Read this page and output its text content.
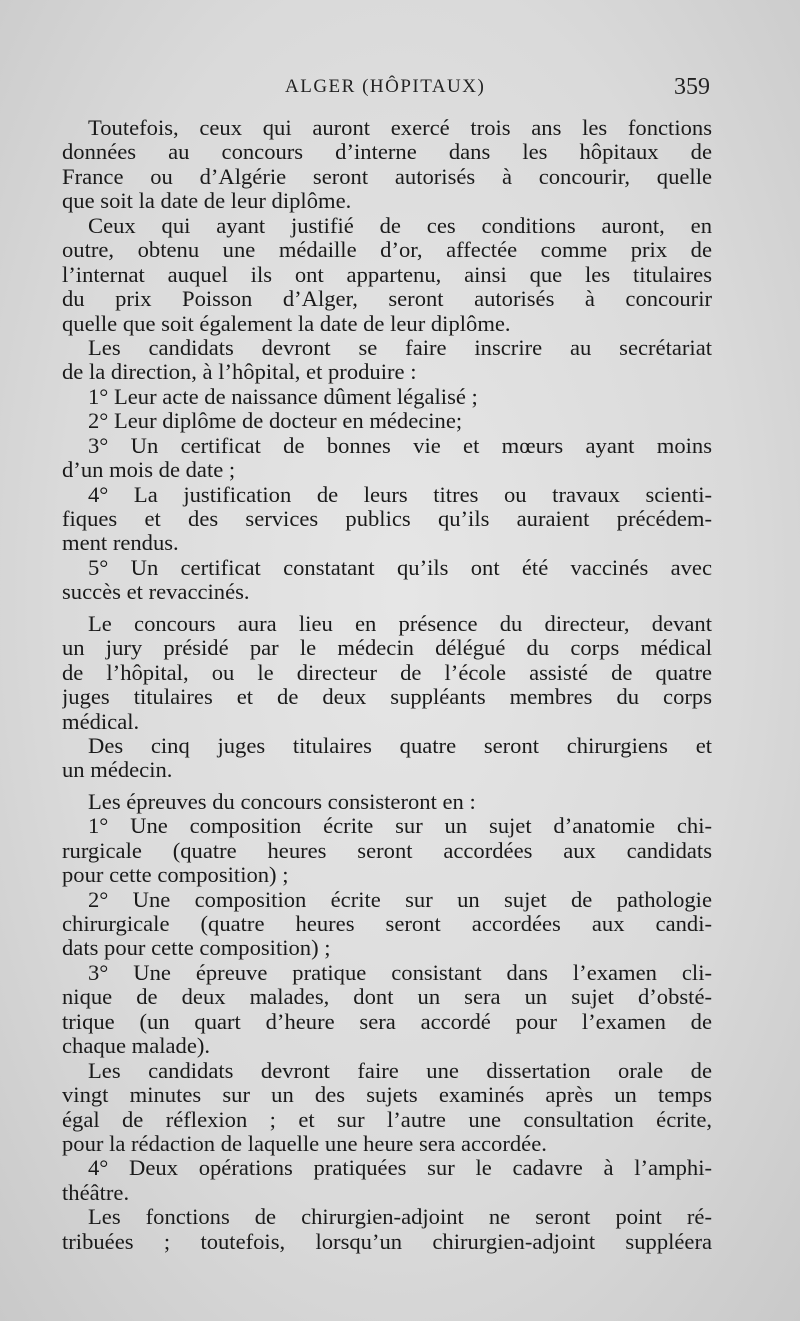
ALGER (HÔPITAUX)	359
Toutefois, ceux qui auront exercé trois ans les fonctions
données au concours d’interne dans les hôpitaux de
France ou d’Algérie seront autorisés à concourir, quelle
que soit la date de leur diplôme.
Ceux qui ayant justifié de ces conditions auront, en
outre, obtenu une médaille d’or, affectée comme prix de
l’internat auquel ils ont appartenu, ainsi que les titulaires
du prix Poisson d’Alger, seront autorisés à concourir
quelle que soit également la date de leur diplôme.
Les candidats devront se faire inscrire au secrétariat
de la direction, à l’hôpital, et produire :
1° Leur acte de naissance dûment légalisé ;
2° Leur diplôme de docteur en médecine;
3° Un certificat de bonnes vie et mœurs ayant moins
d’un mois de date ;
4° La justification de leurs titres ou travaux scienti-
fiques et des services publics qu’ils auraient précédem-
ment rendus.
5° Un certificat constatant qu’ils ont été vaccinés avec
succès et revaccinés.
Le concours aura lieu en présence du directeur, devant
un jury présidé par le médecin délégué du corps médical
de l’hôpital, ou le directeur de l’école assisté de quatre
juges titulaires et de deux suppléants membres du corps
médical.
Des cinq juges titulaires quatre seront chirurgiens et
un médecin.
Les épreuves du concours consisteront en :
1° Une composition écrite sur un sujet d’anatomie chi-
rurgicale (quatre heures seront accordées aux candidats
pour cette composition) ;
2° Une composition écrite sur un sujet de pathologie
chirurgicale (quatre heures seront accordées aux candi-
dats pour cette composition) ;
3° Une épreuve pratique consistant dans l’examen cli-
nique de deux malades, dont un sera un sujet d’obsté-
trique (un quart d’heure sera accordé pour l’examen de
chaque malade).
Les candidats devront faire une dissertation orale de
vingt minutes sur un des sujets examinés après un temps
égal de réflexion ; et sur l’autre une consultation écrite,
pour la rédaction de laquelle une heure sera accordée.
4° Deux opérations pratiquées sur le cadavre à l’amphi-
théâtre.
Les fonctions de chirurgien-adjoint ne seront point ré-
tribuées ; toutefois, lorsqu’un chirurgien-adjoint suppléera
